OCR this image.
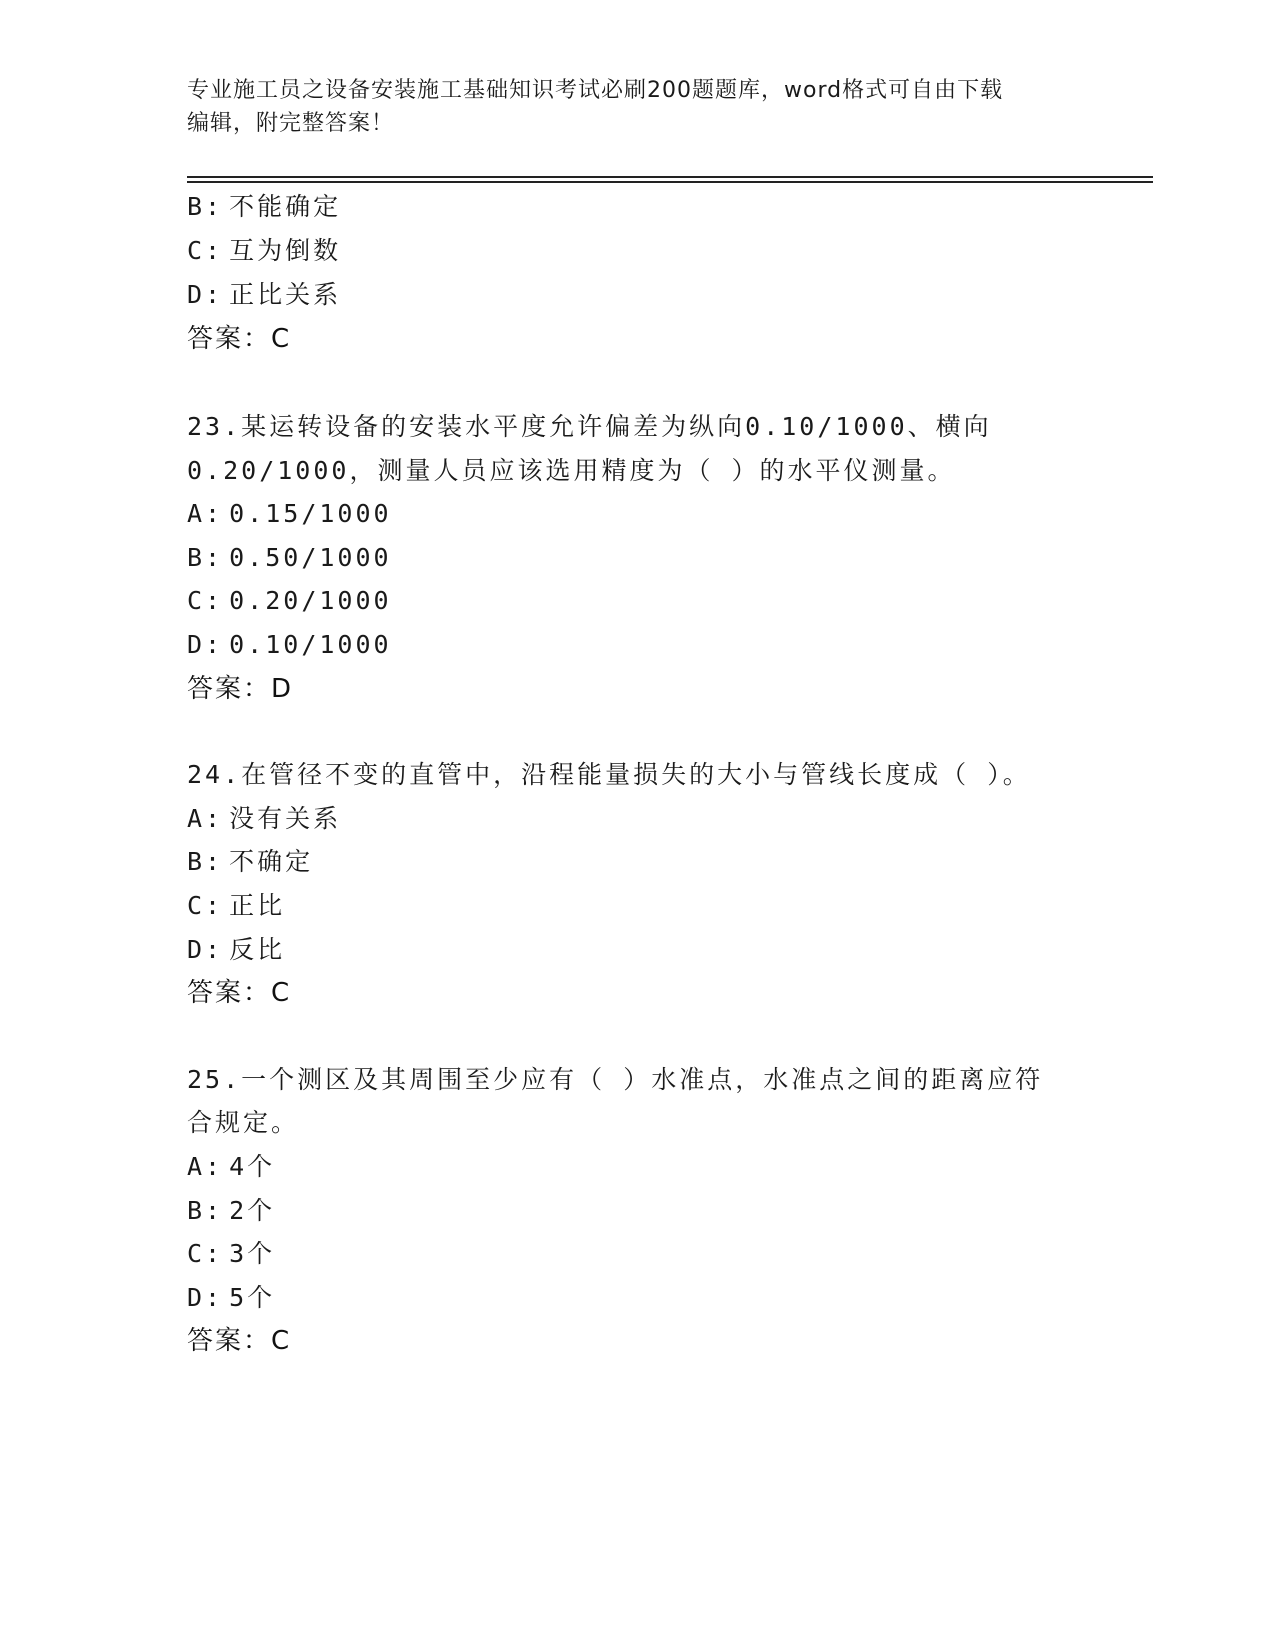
专业施工员之设备安装施工基础知识考试必刷200题题库，word格式可自由下载
编辑，附完整答案！
B: 不能确定
C: 互为倒数
D: 正比关系
答案：C
23.某运转设备的安装水平度允许偏差为纵向0.10/1000、横向
0.20/1000，测量人员应该选用精度为（ ）的水平仪测量。
A: 0.15/1000
B: 0.50/1000
C: 0.20/1000
D: 0.10/1000
答案：D
24.在管径不变的直管中，沿程能量损失的大小与管线长度成（ ）。
A: 没有关系
B: 不确定
C: 正比
D: 反比
答案：C
25.一个测区及其周围至少应有（ ）水准点，水准点之间的距离应符
合规定。
A: 4个
B: 2个
C: 3个
D: 5个
答案：C
